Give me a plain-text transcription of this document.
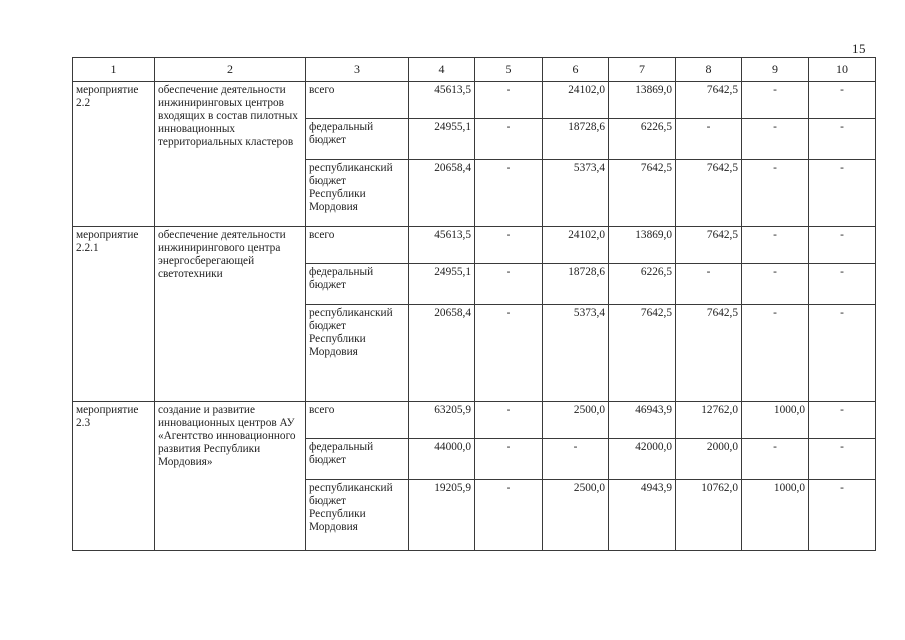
15
1	2	3	4	5	6	7	8	9	10
мероприятие 2.2	обеспечение деятельности инжиниринговых центров входящих в состав пилотных инновационных территориальных кластеров	всего	45613,5	-	24102,0	13869,0	7642,5	-	-
		федеральный бюджет	24955,1	-	18728,6	6226,5	-	-	-
		республиканский бюджет Республики Мордовия	20658,4	-	5373,4	7642,5	7642,5	-	-
мероприятие 2.2.1	обеспечение деятельности инжинирингового центра энергосберегающей светотехники	всего	45613,5	-	24102,0	13869,0	7642,5	-	-
		федеральный бюджет	24955,1	-	18728,6	6226,5	-	-	-
		республиканский бюджет Республики Мордовия	20658,4	-	5373,4	7642,5	7642,5	-	-
мероприятие 2.3	создание и развитие инновационных центров АУ «Агентство инновационного развития Республики Мордовия»	всего	63205,9	-	2500,0	46943,9	12762,0	1000,0	-
		федеральный бюджет	44000,0	-	-	42000,0	2000,0	-	-
		республиканский бюджет Республики Мордовия	19205,9	-	2500,0	4943,9	10762,0	1000,0	-
